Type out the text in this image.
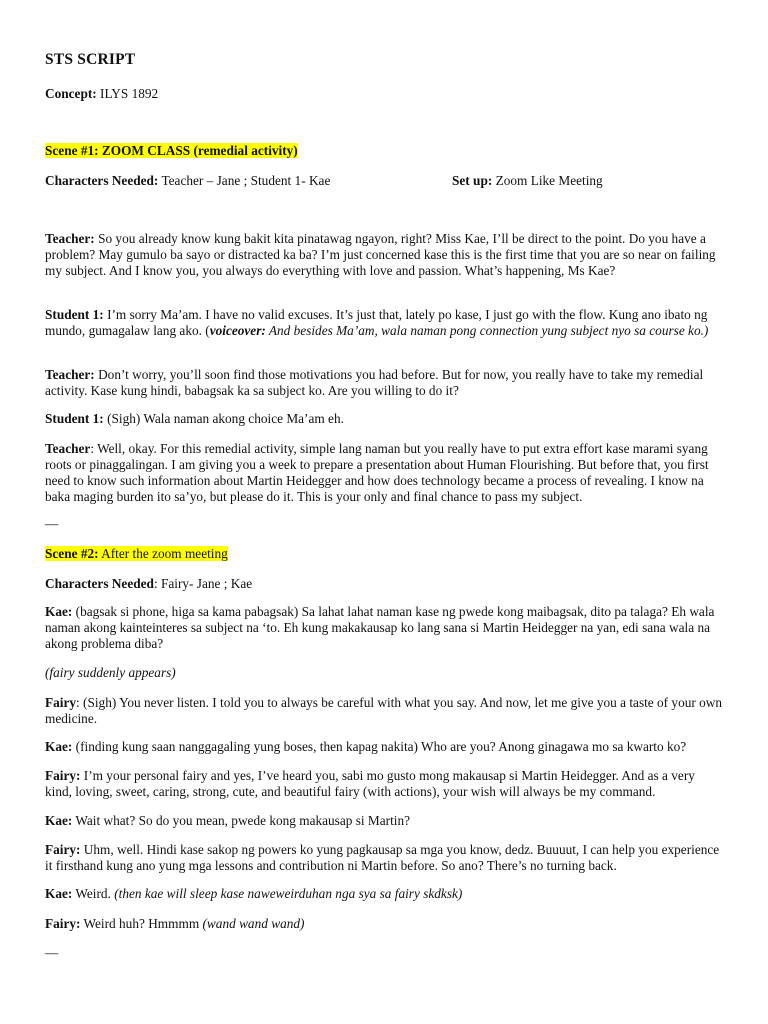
STS SCRIPT
Concept: ILYS 1892
Scene #1: ZOOM CLASS (remedial activity)
Characters Needed: Teacher – Jane ; Student 1- Kae	Set up: Zoom Like Meeting
Teacher: So you already know kung bakit kita pinatawag ngayon, right? Miss Kae, I’ll be direct to the point. Do you have a problem? May gumulo ba sayo or distracted ka ba? I’m just concerned kase this is the first time that you are so near on failing my subject. And I know you, you always do everything with love and passion. What’s happening, Ms Kae?
Student 1: I’m sorry Ma’am. I have no valid excuses. It’s just that, lately po kase, I just go with the flow. Kung ano ibato ng mundo, gumagalaw lang ako. (voiceover: And besides Ma’am, wala naman pong connection yung subject nyo sa course ko.)
Teacher: Don’t worry, you’ll soon find those motivations you had before. But for now, you really have to take my remedial activity. Kase kung hindi, babagsak ka sa subject ko. Are you willing to do it?
Student 1: (Sigh) Wala naman akong choice Ma’am eh.
Teacher: Well, okay. For this remedial activity, simple lang naman but you really have to put extra effort kase marami syang roots or pinaggalingan. I am giving you a week to prepare a presentation about Human Flourishing. But before that, you first need to know such information about Martin Heidegger and how does technology became a process of revealing. I know na baka maging burden ito sa’yo, but please do it. This is your only and final chance to pass my subject.
—
Scene #2: After the zoom meeting
Characters Needed: Fairy- Jane ; Kae
Kae: (bagsak si phone, higa sa kama pabagsak) Sa lahat lahat naman kase ng pwede kong maibagsak, dito pa talaga? Eh wala naman akong kainteinteres sa subject na ‘to. Eh kung makakausap ko lang sana si Martin Heidegger na yan, edi sana wala na akong problema diba?
(fairy suddenly appears)
Fairy: (Sigh) You never listen. I told you to always be careful with what you say. And now, let me give you a taste of your own medicine.
Kae: (finding kung saan nanggagaling yung boses, then kapag nakita) Who are you? Anong ginagawa mo sa kwarto ko?
Fairy: I’m your personal fairy and yes, I’ve heard you, sabi mo gusto mong makausap si Martin Heidegger. And as a very kind, loving, sweet, caring, strong, cute, and beautiful fairy (with actions), your wish will always be my command.
Kae: Wait what? So do you mean, pwede kong makausap si Martin?
Fairy: Uhm, well. Hindi kase sakop ng powers ko yung pagkausap sa mga you know, dedz. Buuuut, I can help you experience it firsthand kung ano yung mga lessons and contribution ni Martin before. So ano? There’s no turning back.
Kae: Weird. (then kae will sleep kase naweweirduhan nga sya sa fairy skdksk)
Fairy: Weird huh? Hmmmm (wand wand wand)
—
